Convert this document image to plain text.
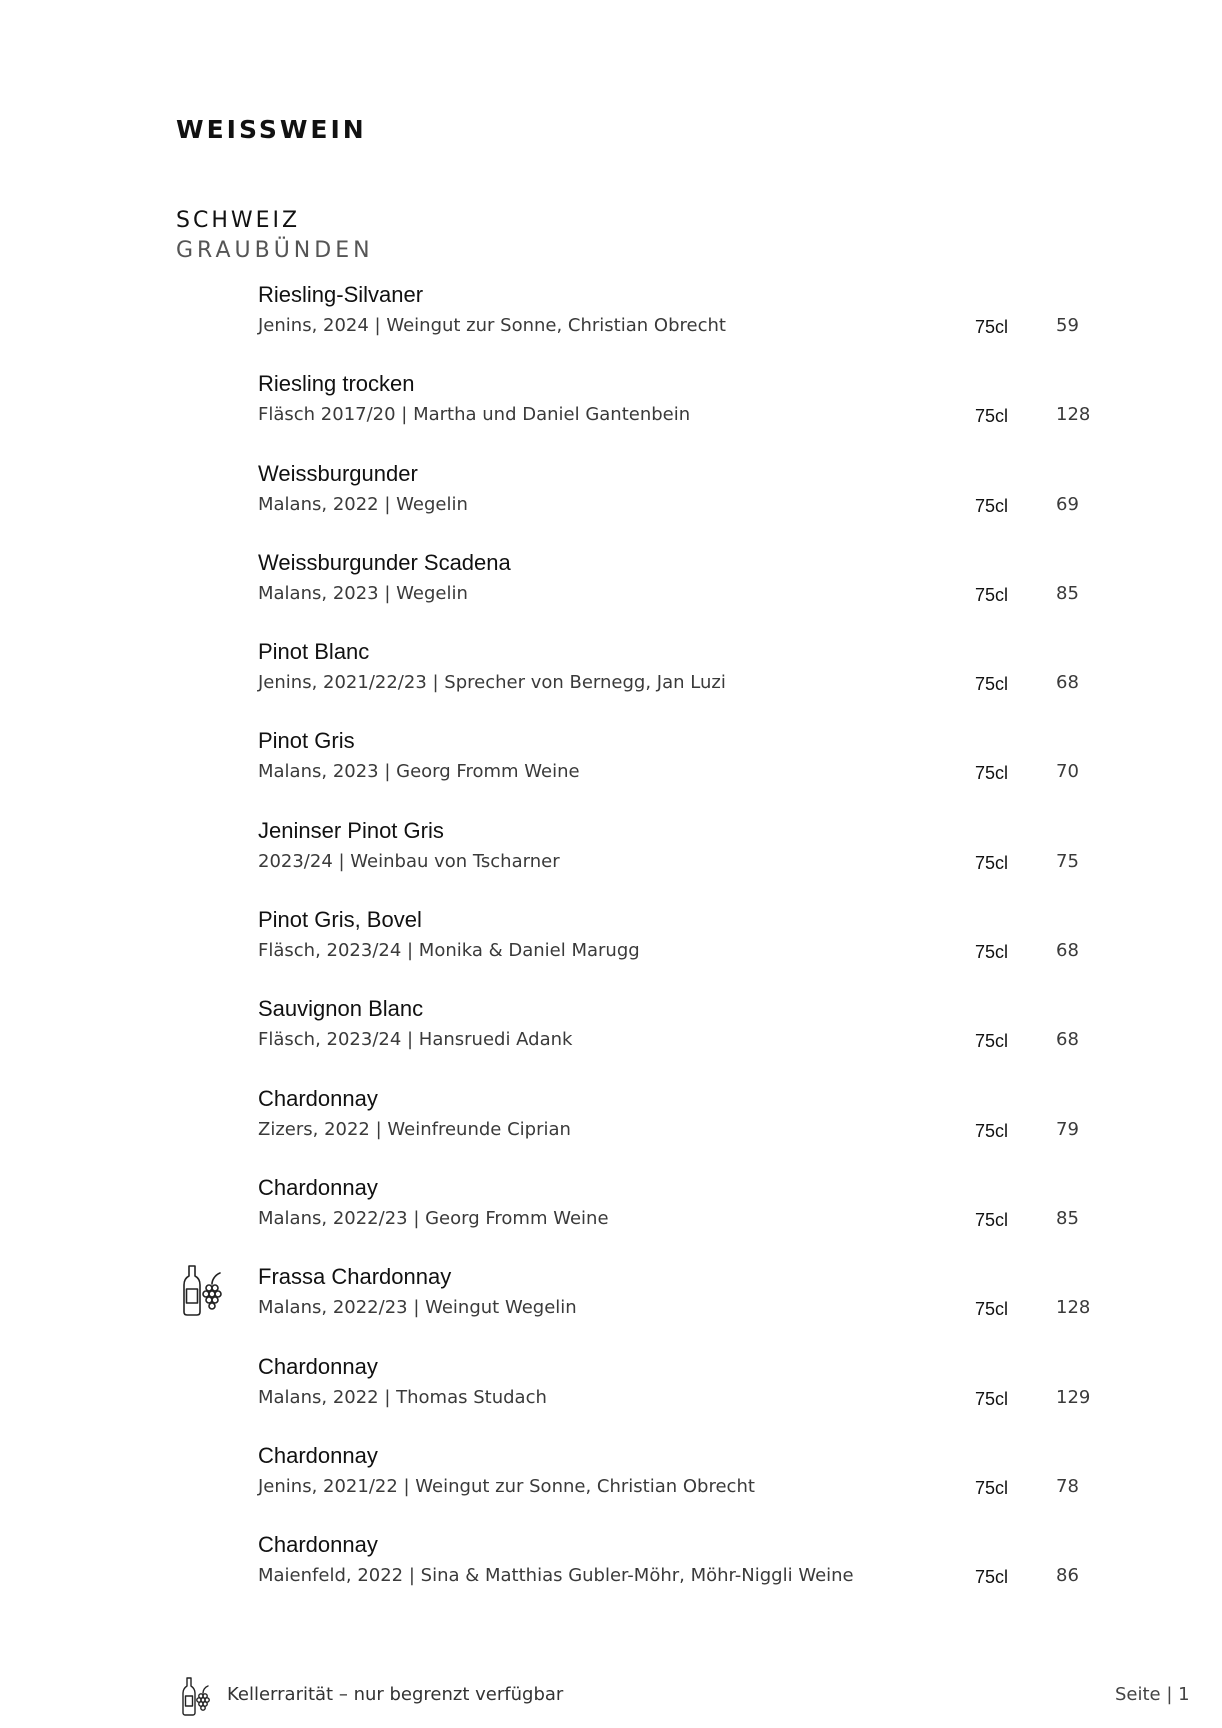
WEISSWEIN
SCHWEIZ
GRAUBÜNDEN
Riesling-Silvaner
Jenins, 2024 | Weingut zur Sonne, Christian Obrecht	75cl	59
Riesling trocken
Fläsch 2017/20 | Martha und Daniel Gantenbein	75cl	128
Weissburgunder
Malans, 2022 | Wegelin	75cl	69
Weissburgunder Scadena
Malans, 2023 | Wegelin	75cl	85
Pinot Blanc
Jenins, 2021/22/23 | Sprecher von Bernegg, Jan Luzi	75cl	68
Pinot Gris
Malans, 2023 | Georg Fromm Weine	75cl	70
Jeninser Pinot Gris
2023/24 | Weinbau von Tscharner	75cl	75
Pinot Gris, Bovel
Fläsch, 2023/24 | Monika & Daniel Marugg	75cl	68
Sauvignon Blanc
Fläsch, 2023/24 | Hansruedi Adank	75cl	68
Chardonnay
Zizers, 2022 | Weinfreunde Ciprian	75cl	79
Chardonnay
Malans, 2022/23 | Georg Fromm Weine	75cl	85
Frassa Chardonnay
Malans, 2022/23 | Weingut Wegelin	75cl	128
Chardonnay
Malans, 2022 | Thomas Studach	75cl	129
Chardonnay
Jenins, 2021/22 | Weingut zur Sonne, Christian Obrecht	75cl	78
Chardonnay
Maienfeld, 2022 | Sina & Matthias Gubler-Möhr, Möhr-Niggli Weine	75cl	86
Kellerrarität – nur begrenzt verfügbar	Seite | 1
